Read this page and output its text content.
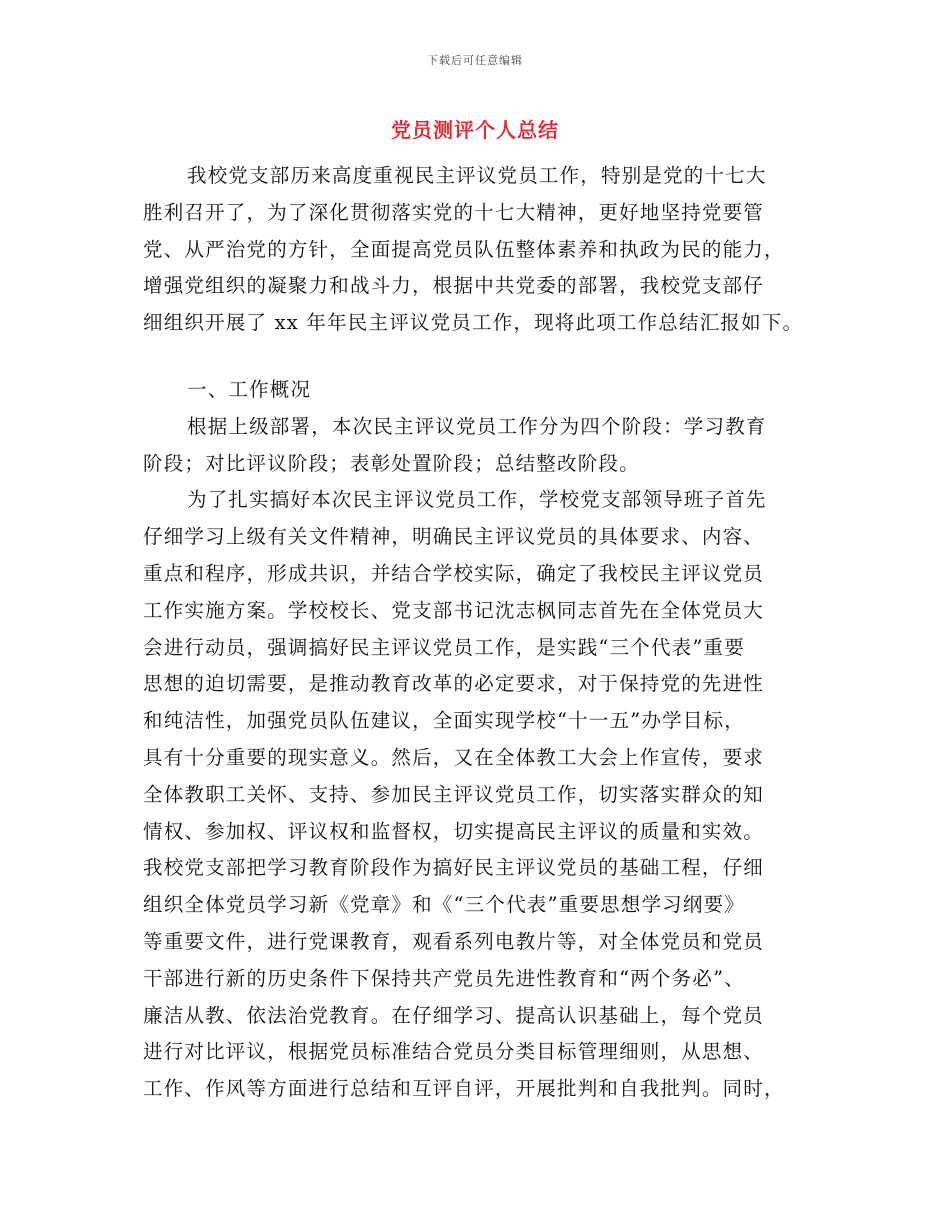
下载后可任意编辑
党员测评个人总结
我校党支部历来高度重视民主评议党员工作，特别是党的十七大
胜利召开了，为了深化贯彻落实党的十七大精神，更好地坚持党要管
党、从严治党的方针，全面提高党员队伍整体素养和执政为民的能力，
增强党组织的凝聚力和战斗力，根据中共党委的部署，我校党支部仔
细组织开展了 xx 年年民主评议党员工作，现将此项工作总结汇报如下。
一、工作概况
根据上级部署，本次民主评议党员工作分为四个阶段：学习教育
阶段；对比评议阶段；表彰处置阶段；总结整改阶段。
为了扎实搞好本次民主评议党员工作，学校党支部领导班子首先
仔细学习上级有关文件精神，明确民主评议党员的具体要求、内容、
重点和程序，形成共识，并结合学校实际，确定了我校民主评议党员
工作实施方案。学校校长、党支部书记沈志枫同志首先在全体党员大
会进行动员，强调搞好民主评议党员工作，是实践“三个代表”重要
思想的迫切需要，是推动教育改革的必定要求，对于保持党的先进性
和纯洁性，加强党员队伍建议，全面实现学校“十一五”办学目标，
具有十分重要的现实意义。然后，又在全体教工大会上作宣传，要求
全体教职工关怀、支持、参加民主评议党员工作，切实落实群众的知
情权、参加权、评议权和监督权，切实提高民主评议的质量和实效。
我校党支部把学习教育阶段作为搞好民主评议党员的基础工程，仔细
组织全体党员学习新《党章》和《“三个代表”重要思想学习纲要》
等重要文件，进行党课教育，观看系列电教片等，对全体党员和党员
干部进行新的历史条件下保持共产党员先进性教育和“两个务必”、
廉洁从教、依法治党教育。在仔细学习、提高认识基础上，每个党员
进行对比评议，根据党员标准结合党员分类目标管理细则，从思想、
工作、作风等方面进行总结和互评自评，开展批判和自我批判。同时，
